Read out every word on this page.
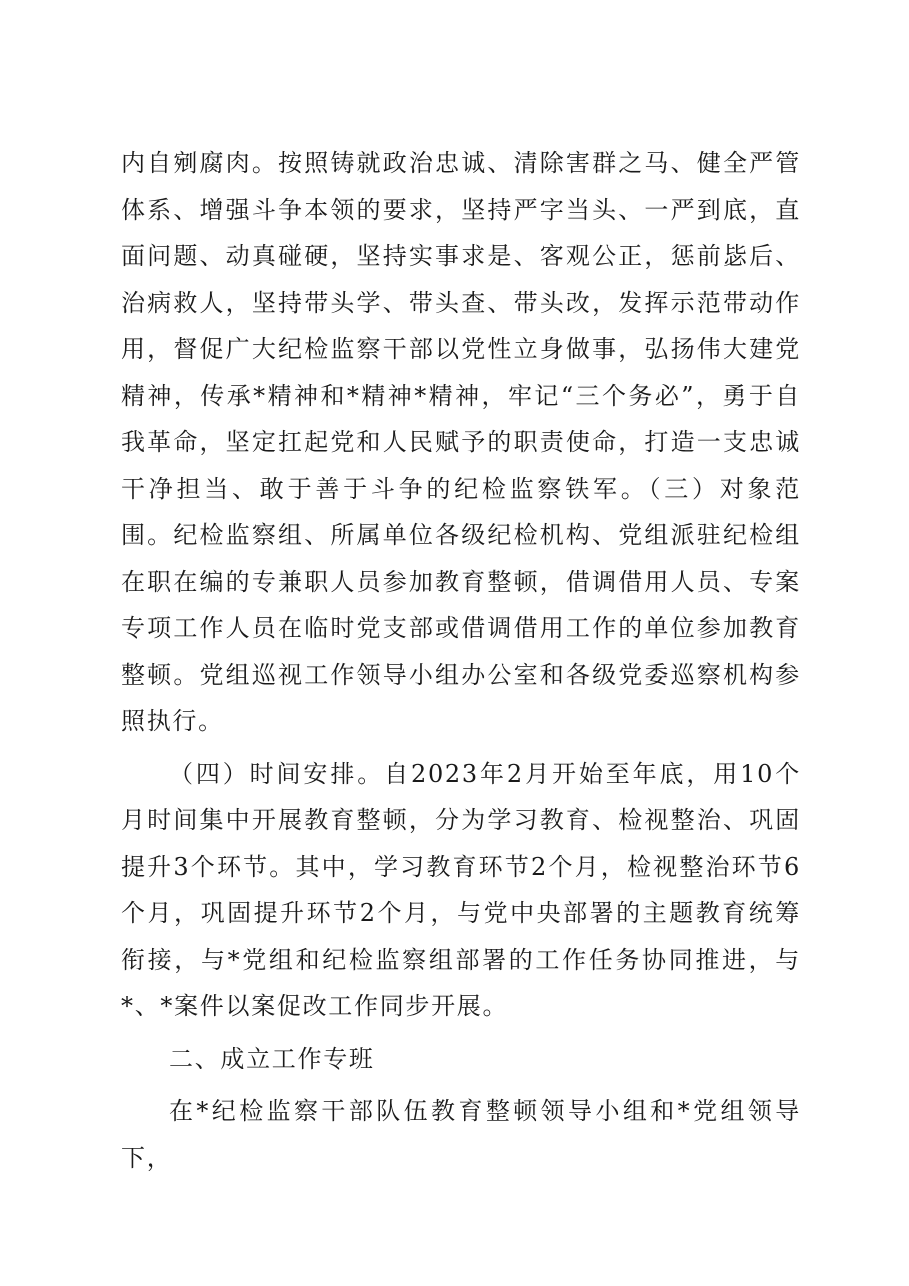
内自剜腐肉。按照铸就政治忠诚、清除害群之马、健全严管体系、增强斗争本领的要求，坚持严字当头、一严到底，直面问题、动真碰硬，坚持实事求是、客观公正，惩前毖后、治病救人，坚持带头学、带头查、带头改，发挥示范带动作用，督促广大纪检监察干部以党性立身做事，弘扬伟大建党精神，传承*精神和*精神*精神，牢记“三个务必”，勇于自我革命，坚定扛起党和人民赋予的职责使命，打造一支忠诚干净担当、敢于善于斗争的纪检监察铁军。（三）对象范围。纪检监察组、所属单位各级纪检机构、党组派驻纪检组在职在编的专兼职人员参加教育整顿，借调借用人员、专案专项工作人员在临时党支部或借调借用工作的单位参加教育整顿。党组巡视工作领导小组办公室和各级党委巡察机构参照执行。

（四）时间安排。自2023年2月开始至年底，用10个月时间集中开展教育整顿，分为学习教育、检视整治、巩固提升3个环节。其中，学习教育环节2个月，检视整治环节6个月，巩固提升环节2个月，与党中央部署的主题教育统筹衔接，与*党组和纪检监察组部署的工作任务协同推进，与*、*案件以案促改工作同步开展。

二、成立工作专班

在*纪检监察干部队伍教育整顿领导小组和*党组领导下，
